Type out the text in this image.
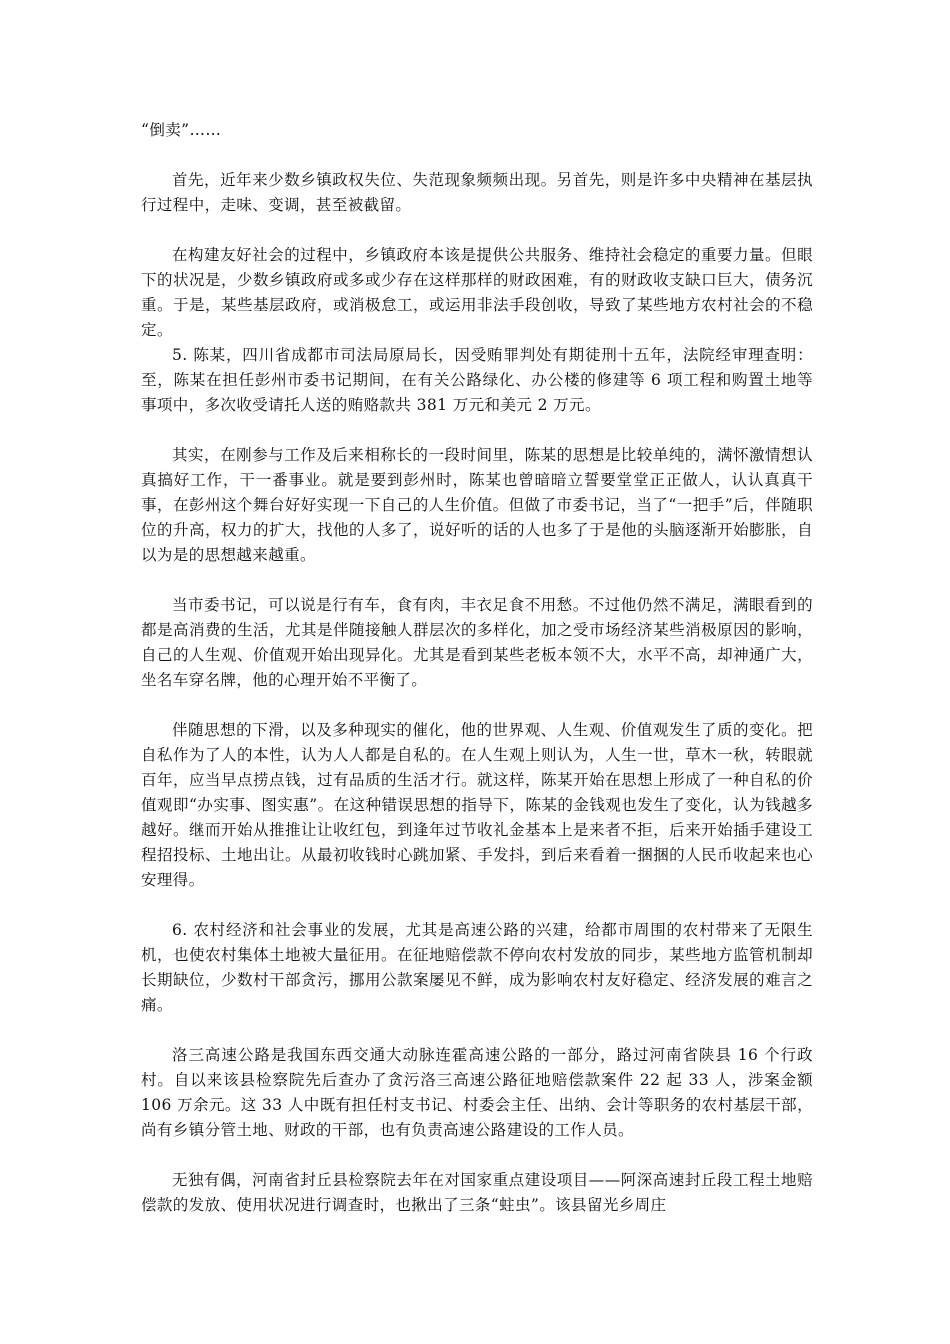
“倒卖”……

首先，近年来少数乡镇政权失位、失范现象频频出现。另首先，则是许多中央精神在基层执行过程中，走味、变调，甚至被截留。

在构建友好社会的过程中，乡镇政府本该是提供公共服务、维持社会稳定的重要力量。但眼下的状况是，少数乡镇政府或多或少存在这样那样的财政困难，有的财政收支缺口巨大，债务沉重。于是，某些基层政府，或消极怠工，或运用非法手段创收，导致了某些地方农村社会的不稳定。

5. 陈某，四川省成都市司法局原局长，因受贿罪判处有期徒刑十五年，法院经审理查明：至，陈某在担任彭州市委书记期间，在有关公路绿化、办公楼的修建等 6 项工程和购置土地等事项中，多次收受请托人送的贿赂款共 381 万元和美元 2 万元。

其实，在刚参与工作及后来相称长的一段时间里，陈某的思想是比较单纯的，满怀激情想认真搞好工作，干一番事业。就是要到彭州时，陈某也曾暗暗立誓要堂堂正正做人，认认真真干事，在彭州这个舞台好好实现一下自己的人生价值。但做了市委书记，当了“一把手”后，伴随职位的升高，权力的扩大，找他的人多了，说好听的话的人也多了于是他的头脑逐渐开始膨胀，自以为是的思想越来越重。

当市委书记，可以说是行有车，食有肉，丰衣足食不用愁。不过他仍然不满足，满眼看到的都是高消费的生活，尤其是伴随接触人群层次的多样化，加之受市场经济某些消极原因的影响，自己的人生观、价值观开始出现异化。尤其是看到某些老板本领不大，水平不高，却神通广大，坐名车穿名牌，他的心理开始不平衡了。

伴随思想的下滑，以及多种现实的催化，他的世界观、人生观、价值观发生了质的变化。把自私作为了人的本性，认为人人都是自私的。在人生观上则认为，人生一世，草木一秋，转眼就百年，应当早点捞点钱，过有品质的生活才行。就这样，陈某开始在思想上形成了一种自私的价值观即“办实事、图实惠”。在这种错误思想的指导下，陈某的金钱观也发生了变化，认为钱越多越好。继而开始从推推让让收红包，到逢年过节收礼金基本上是来者不拒，后来开始插手建设工程招投标、土地出让。从最初收钱时心跳加紧、手发抖，到后来看着一捆捆的人民币收起来也心安理得。

6. 农村经济和社会事业的发展，尤其是高速公路的兴建，给都市周围的农村带来了无限生机，也使农村集体土地被大量征用。在征地赔偿款不停向农村发放的同步，某些地方监管机制却长期缺位，少数村干部贪污，挪用公款案屡见不鲜，成为影响农村友好稳定、经济发展的难言之痛。

洛三高速公路是我国东西交通大动脉连霍高速公路的一部分，路过河南省陕县 16 个行政村。自以来该县检察院先后查办了贪污洛三高速公路征地赔偿款案件 22 起 33 人，涉案金额 106 万余元。这 33 人中既有担任村支书记、村委会主任、出纳、会计等职务的农村基层干部，尚有乡镇分管土地、财政的干部，也有负责高速公路建设的工作人员。

无独有偶，河南省封丘县检察院去年在对国家重点建设项目——阿深高速封丘段工程土地赔偿款的发放、使用状况进行调查时，也揪出了三条“蛀虫”。该县留光乡周庄
